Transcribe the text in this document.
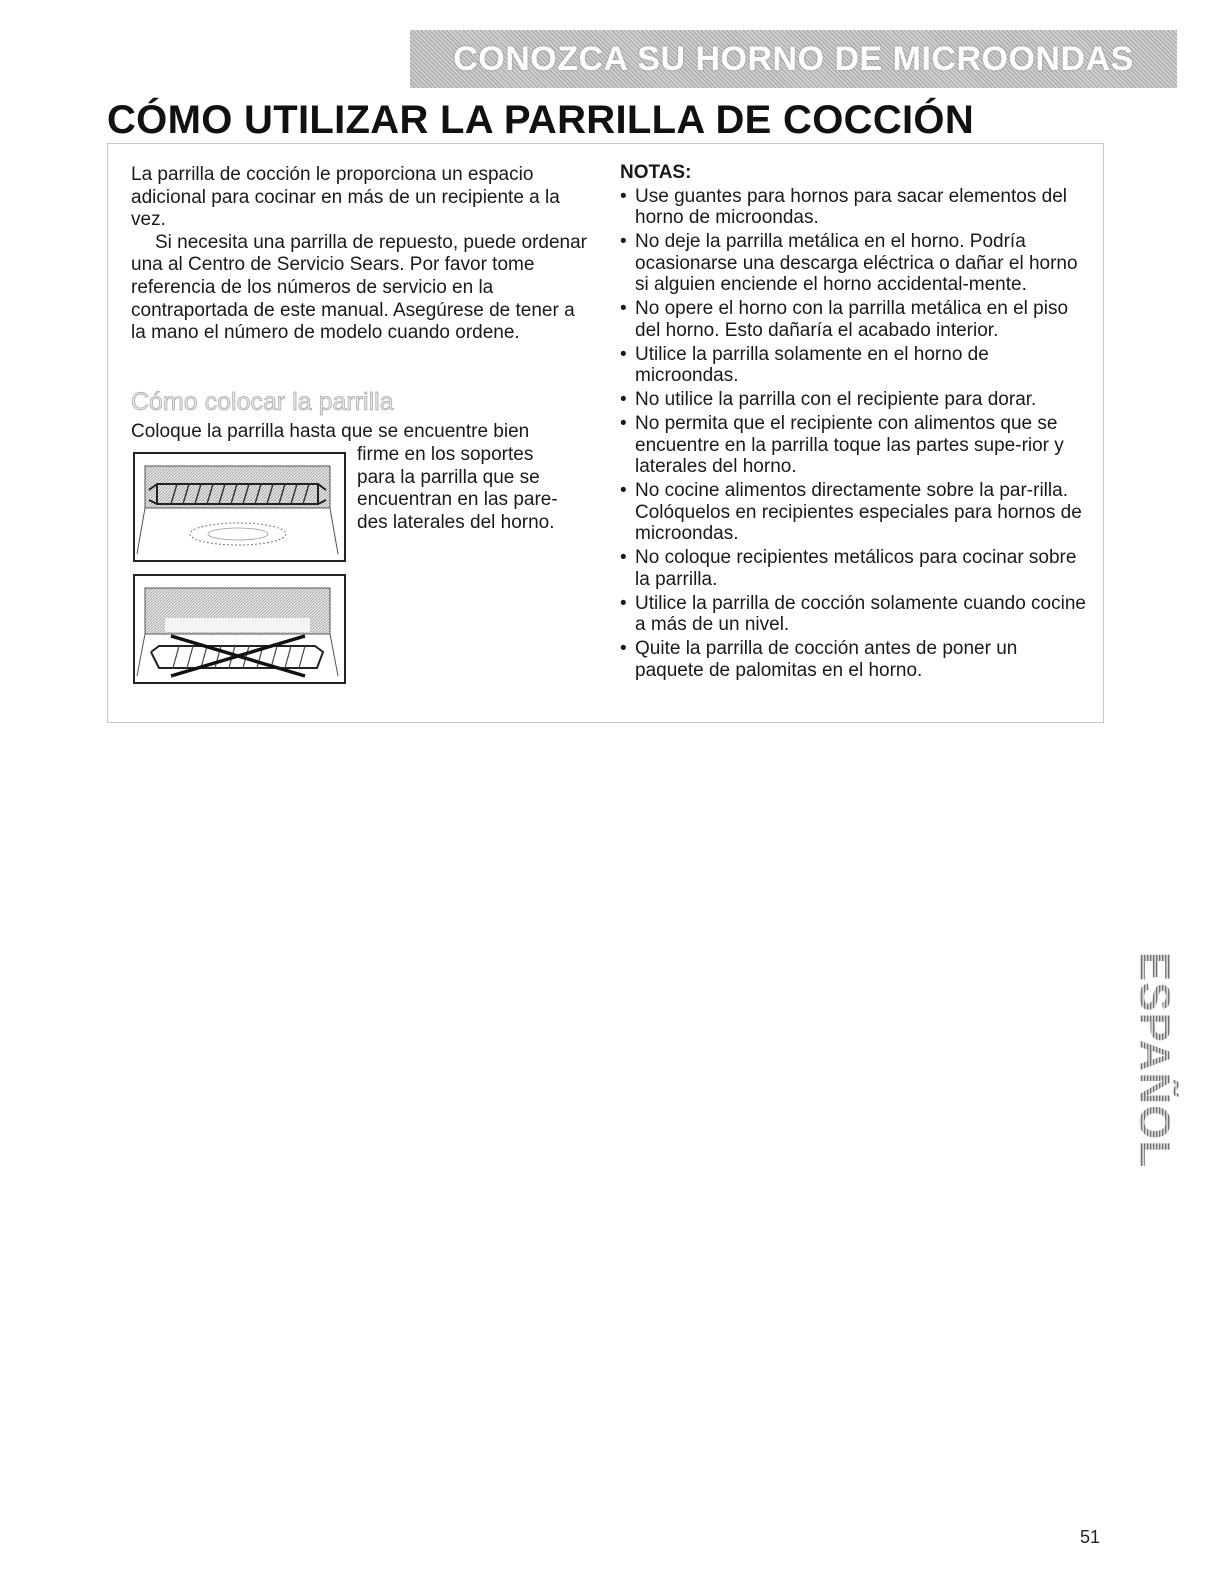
CONOZCA SU HORNO DE MICROONDAS
CÓMO UTILIZAR LA PARRILLA DE COCCIÓN

La parrilla de cocción le proporciona un espacio adicional para cocinar en más de un recipiente a la vez.

Si necesita una parrilla de repuesto, puede ordenar una al Centro de Servicio Sears. Por favor tome referencia de los números de servicio en la contraportada de este manual. Asegúrese de tener a la mano el número de modelo cuando ordene.

Cómo colocar la parrilla
Coloque la parrilla hasta que se encuentre bien
firme en los soportes
para la parrilla que se
encuentran en las pare-
des laterales del horno.
NOTAS:
• Use guantes para hornos para sacar elementos del horno de microondas.
• No deje la parrilla metálica en el horno. Podría ocasionarse una descarga eléctrica o dañar el horno si alguien enciende el horno accidental-mente.
• No opere el horno con la parrilla metálica en el piso del horno. Esto dañaría el acabado interior.
• Utilice la parrilla solamente en el horno de microondas.
• No utilice la parrilla con el recipiente para dorar.
• No permita que el recipiente con alimentos que se encuentre en la parrilla toque las partes supe-rior y laterales del horno.
• No cocine alimentos directamente sobre la par-rilla. Colóquelos en recipientes especiales para hornos de microondas.
• No coloque recipientes metálicos para cocinar sobre la parrilla.
• Utilice la parrilla de cocción solamente cuando cocine a más de un nivel.
• Quite la parrilla de cocción antes de poner un paquete de palomitas en el horno.
ESPAÑOL
51
